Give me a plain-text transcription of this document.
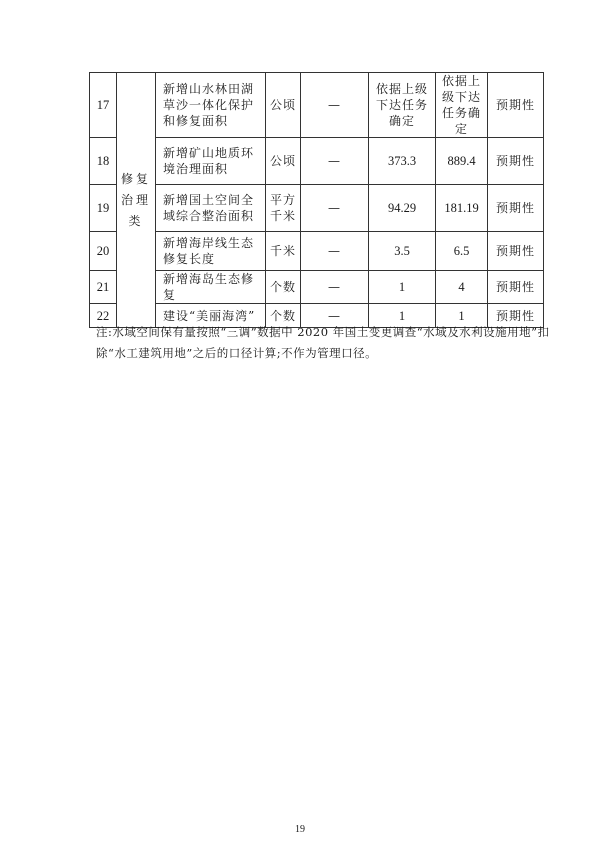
17	修复治理类	新增山水林田湖草沙一体化保护和修复面积	公顷	—	依据上级下达任务确定	依据上级下达任务确定	预期性
18		新增矿山地质环境治理面积	公顷	—	373.3	889.4	预期性
19		新增国土空间全域综合整治面积	平方千米	—	94.29	181.19	预期性
20		新增海岸线生态修复长度	千米	—	3.5	6.5	预期性
21		新增海岛生态修复	个数	—	1	4	预期性
22		建设“美丽海湾”	个数	—	1	1	预期性
注:水域空间保有量按照“三调”数据中 2020 年国土变更调查“水域及水利设施用地”扣除“水工建筑用地”之后的口径计算;不作为管理口径。
19
